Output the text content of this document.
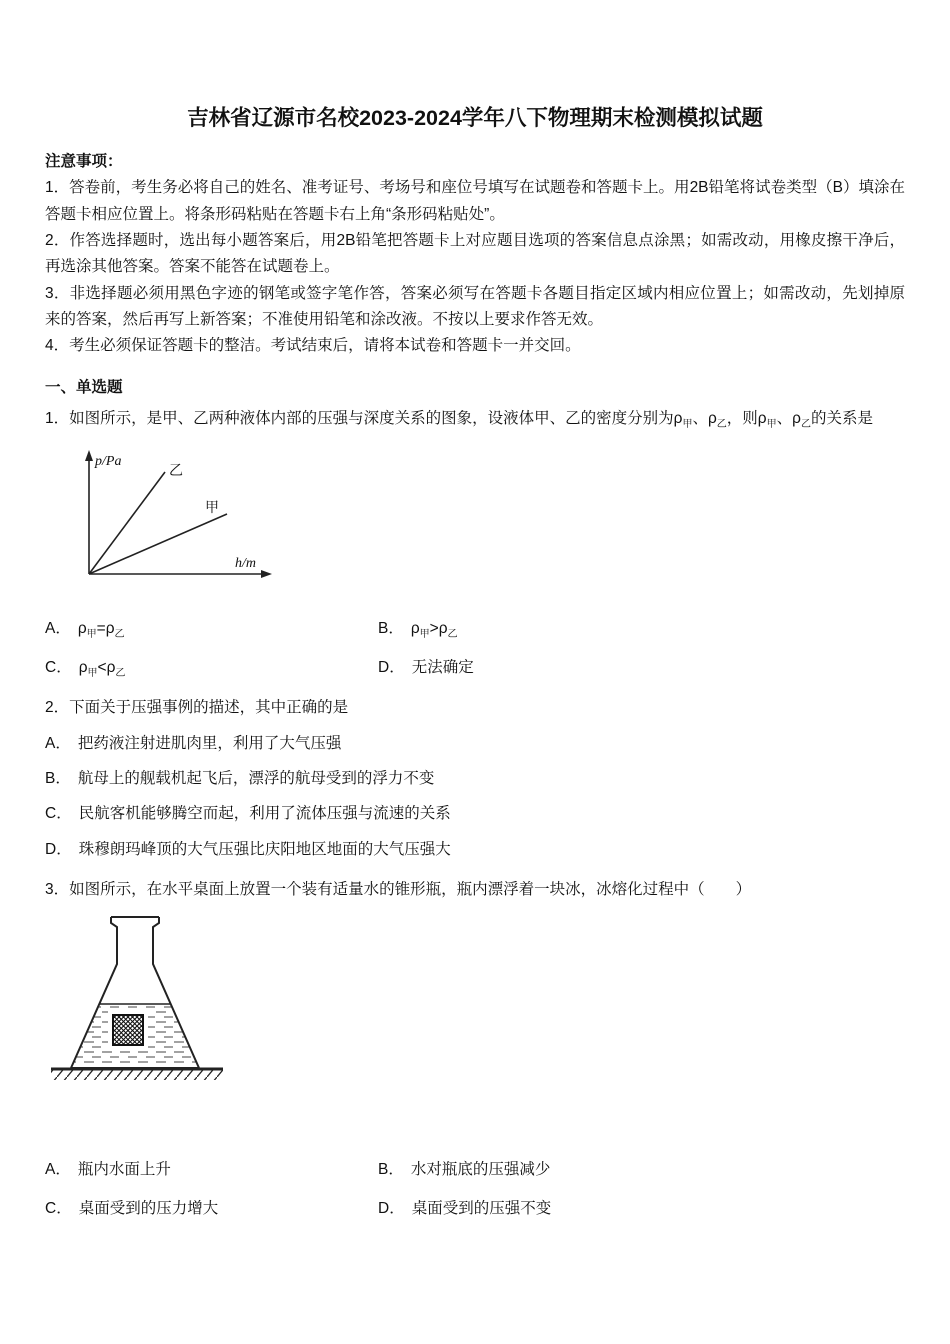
吉林省辽源市名校2023-2024学年八下物理期末检测模拟试题
注意事项：

1．答卷前，考生务必将自己的姓名、准考证号、考场号和座位号填写在试题卷和答题卡上。用2B铅笔将试卷类型（B）填涂在答题卡相应位置上。将条形码粘贴在答题卡右上角“条形码粘贴处”。

2．作答选择题时，选出每小题答案后，用2B铅笔把答题卡上对应题目选项的答案信息点涂黑；如需改动，用橡皮擦干净后，再选涂其他答案。答案不能答在试题卷上。

3．非选择题必须用黑色字迹的钢笔或签字笔作答，答案必须写在答题卡各题目指定区域内相应位置上；如需改动，先划掉原来的答案，然后再写上新答案；不准使用铅笔和涂改液。不按以上要求作答无效。

4．考生必须保证答题卡的整洁。考试结束后，请将本试卷和答题卡一并交回。

一、单选题

1．如图所示，是甲、乙两种液体内部的压强与深度关系的图象，设液体甲、乙的密度分别为$\rho_甲$、$\rho_乙$，则$\rho_甲$、$\rho_乙$的关系是

p/Pa
h/m
乙
甲
A． $\rho_甲=\rho_乙$	B． $\rho_甲>\rho_乙$
C． $\rho_甲<\rho_乙$	D． 无法确定

2．下面关于压强事例的描述，其中正确的是

A． 把药液注射进肌肉里，利用了大气压强
B． 航母上的舰载机起飞后，漂浮的航母受到的浮力不变
C． 民航客机能够腾空而起，利用了流体压强与流速的关系
D． 珠穆朗玛峰顶的大气压强比庆阳地区地面的大气压强大

3．如图所示，在水平桌面上放置一个装有适量水的锥形瓶，瓶内漂浮着一块冰，冰熔化过程中（　　）

A． 瓶内水面上升	B． 水对瓶底的压强减少
C． 桌面受到的压力增大	D． 桌面受到的压强不变
